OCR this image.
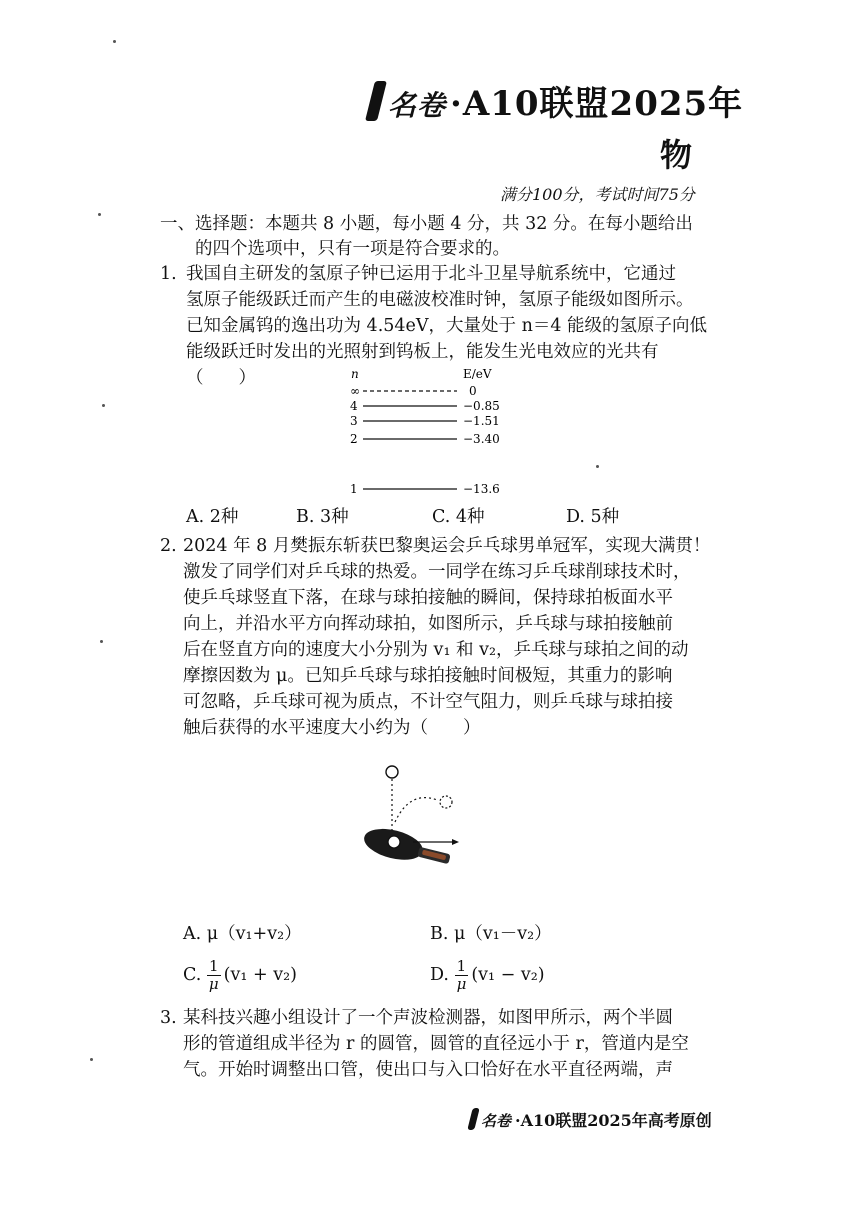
名卷 ·A10联盟2025年
物
满分100分，考试时间75分
一、选择题：本题共 8 小题，每小题 4 分，共 32 分。在每小题给出
的四个选项中，只有一项是符合要求的。
1. 我国自主研发的氢原子钟已运用于北斗卫星导航系统中，它通过
氢原子能级跃迁而产生的电磁波校准时钟，氢原子能级如图所示。
已知金属钨的逸出功为 4.54eV，大量处于 n＝4 能级的氢原子向低
能级跃迁时发出的光照射到钨板上，能发生光电效应的光共有
（　　）	n	E/eV
∞	0
4	−0.85
3	−1.51
2	−3.40
1	−13.6
A. 2种	B. 3种	C. 4种	D. 5种
2. 2024 年 8 月樊振东斩获巴黎奥运会乒乓球男单冠军，实现大满贯！
激发了同学们对乒乓球的热爱。一同学在练习乒乓球削球技术时，
使乒乓球竖直下落，在球与球拍接触的瞬间，保持球拍板面水平
向上，并沿水平方向挥动球拍，如图所示，乒乓球与球拍接触前
后在竖直方向的速度大小分别为 v₁ 和 v₂，乒乓球与球拍之间的动
摩擦因数为 μ。已知乒乓球与球拍接触时间极短，其重力的影响
可忽略，乒乓球可视为质点，不计空气阻力，则乒乓球与球拍接
触后获得的水平速度大小约为（　　）
A. μ（v₁+v₂）	B. μ（v₁－v₂）
C. $\frac{1}{\mu} (v_1 + v_2)$	D. $\frac{1}{\mu} (v_1 - v_2)$
3. 某科技兴趣小组设计了一个声波检测器，如图甲所示，两个半圆
形的管道组成半径为 r 的圆管，圆管的直径远小于 r，管道内是空
气。开始时调整出口管，使出口与入口恰好在水平直径两端，声
名卷 ·A10联盟2025年高考原创
